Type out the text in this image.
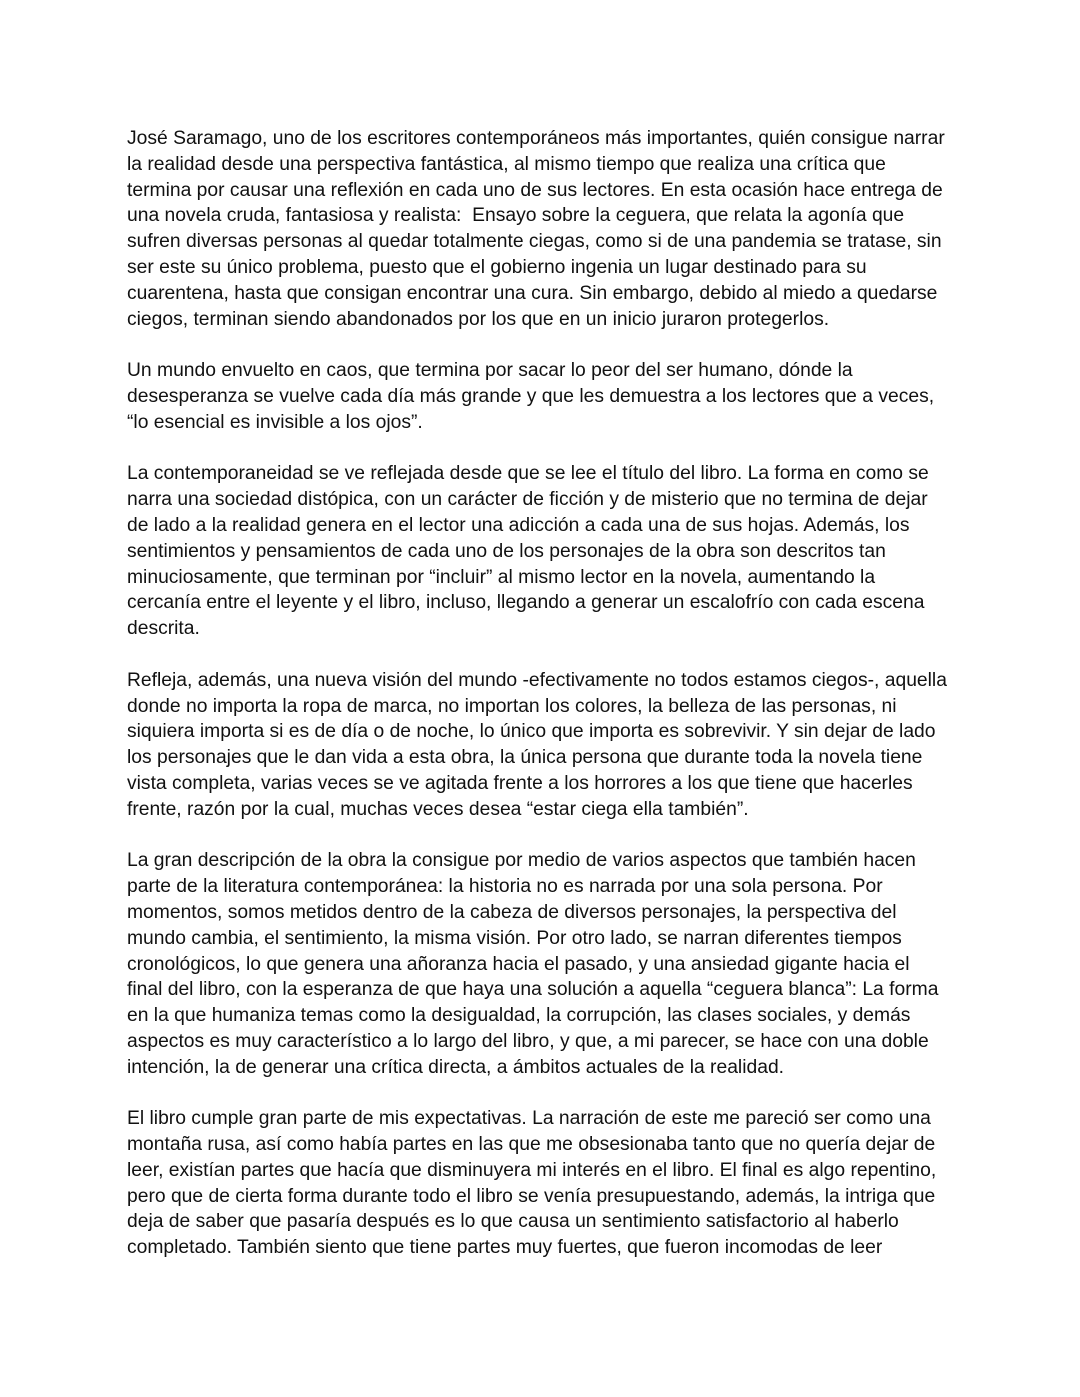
José Saramago, uno de los escritores contemporáneos más importantes, quién consigue narrar
la realidad desde una perspectiva fantástica, al mismo tiempo que realiza una crítica que
termina por causar una reflexión en cada uno de sus lectores. En esta ocasión hace entrega de
una novela cruda, fantasiosa y realista:  Ensayo sobre la ceguera, que relata la agonía que
sufren diversas personas al quedar totalmente ciegas, como si de una pandemia se tratase, sin
ser este su único problema, puesto que el gobierno ingenia un lugar destinado para su
cuarentena, hasta que consigan encontrar una cura. Sin embargo, debido al miedo a quedarse
ciegos, terminan siendo abandonados por los que en un inicio juraron protegerlos.

Un mundo envuelto en caos, que termina por sacar lo peor del ser humano, dónde la
desesperanza se vuelve cada día más grande y que les demuestra a los lectores que a veces,
“lo esencial es invisible a los ojos”.

La contemporaneidad se ve reflejada desde que se lee el título del libro. La forma en como se
narra una sociedad distópica, con un carácter de ficción y de misterio que no termina de dejar
de lado a la realidad genera en el lector una adicción a cada una de sus hojas. Además, los
sentimientos y pensamientos de cada uno de los personajes de la obra son descritos tan
minuciosamente, que terminan por “incluir” al mismo lector en la novela, aumentando la
cercanía entre el leyente y el libro, incluso, llegando a generar un escalofrío con cada escena
descrita.

Refleja, además, una nueva visión del mundo -efectivamente no todos estamos ciegos-, aquella
donde no importa la ropa de marca, no importan los colores, la belleza de las personas, ni
siquiera importa si es de día o de noche, lo único que importa es sobrevivir. Y sin dejar de lado
los personajes que le dan vida a esta obra, la única persona que durante toda la novela tiene
vista completa, varias veces se ve agitada frente a los horrores a los que tiene que hacerles
frente, razón por la cual, muchas veces desea “estar ciega ella también”.

La gran descripción de la obra la consigue por medio de varios aspectos que también hacen
parte de la literatura contemporánea: la historia no es narrada por una sola persona. Por
momentos, somos metidos dentro de la cabeza de diversos personajes, la perspectiva del
mundo cambia, el sentimiento, la misma visión. Por otro lado, se narran diferentes tiempos
cronológicos, lo que genera una añoranza hacia el pasado, y una ansiedad gigante hacia el
final del libro, con la esperanza de que haya una solución a aquella “ceguera blanca”: La forma
en la que humaniza temas como la desigualdad, la corrupción, las clases sociales, y demás
aspectos es muy característico a lo largo del libro, y que, a mi parecer, se hace con una doble
intención, la de generar una crítica directa, a ámbitos actuales de la realidad.

El libro cumple gran parte de mis expectativas. La narración de este me pareció ser como una
montaña rusa, así como había partes en las que me obsesionaba tanto que no quería dejar de
leer, existían partes que hacía que disminuyera mi interés en el libro. El final es algo repentino,
pero que de cierta forma durante todo el libro se venía presupuestando, además, la intriga que
deja de saber que pasaría después es lo que causa un sentimiento satisfactorio al haberlo
completado. También siento que tiene partes muy fuertes, que fueron incomodas de leer
